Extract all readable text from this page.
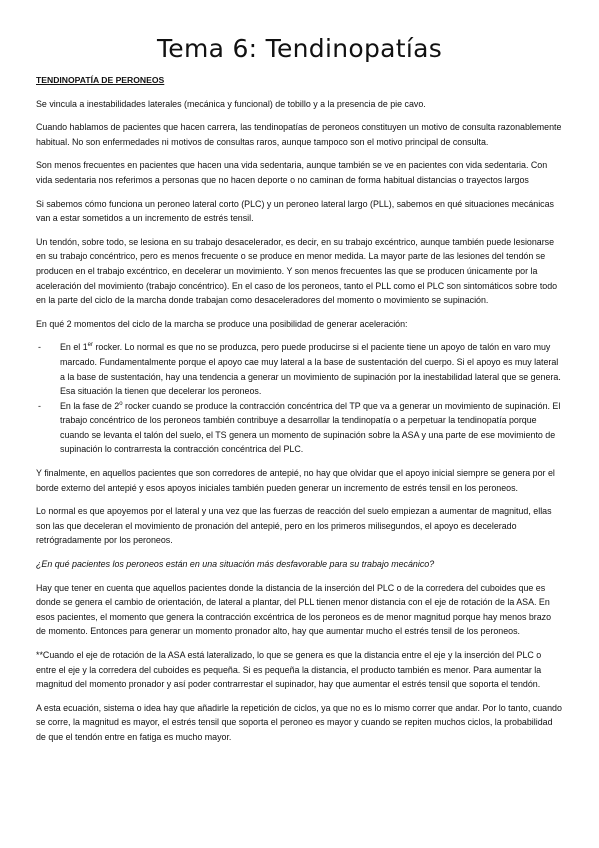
Tema 6: Tendinopatías
TENDINOPATÍA DE PERONEOS

Se vincula a inestabilidades laterales (mecánica y funcional) de tobillo y a la presencia de pie cavo.

Cuando hablamos de pacientes que hacen carrera, las tendinopatías de peroneos constituyen un motivo de consulta razonablemente habitual. No son enfermedades ni motivos de consultas raros, aunque tampoco son el motivo principal de consulta.

Son menos frecuentes en pacientes que hacen una vida sedentaria, aunque también se ve en pacientes con vida sedentaria. Con vida sedentaria nos referimos a personas que no hacen deporte o no caminan de forma habitual distancias o trayectos largos

Si sabemos cómo funciona un peroneo lateral corto (PLC) y un peroneo lateral largo (PLL), sabemos en qué situaciones mecánicas van a estar sometidos a un incremento de estrés tensil.

Un tendón, sobre todo, se lesiona en su trabajo desacelerador, es decir, en su trabajo excéntrico, aunque también puede lesionarse en su trabajo concéntrico, pero es menos frecuente o se produce en menor medida. La mayor parte de las lesiones del tendón se producen en el trabajo excéntrico, en decelerar un movimiento. Y son menos frecuentes las que se producen únicamente por la aceleración del movimiento (trabajo concéntrico). En el caso de los peroneos, tanto el PLL como el PLC son sintomáticos sobre todo en la parte del ciclo de la marcha donde trabajan como desaceleradores del momento o movimiento se supinación.

En qué 2 momentos del ciclo de la marcha se produce una posibilidad de generar aceleración:

- En el 1er rocker. Lo normal es que no se produzca, pero puede producirse si el paciente tiene un apoyo de talón en varo muy marcado. Fundamentalmente porque el apoyo cae muy lateral a la base de sustentación del cuerpo. Si el apoyo es muy lateral a la base de sustentación, hay una tendencia a generar un movimiento de supinación por la inestabilidad lateral que se genera. Esa situación la tienen que decelerar los peroneos.
- En la fase de 2$^o$ rocker cuando se produce la contracción concéntrica del TP que va a generar un movimiento de supinación. El trabajo concéntrico de los peroneos también contribuye a desarrollar la tendinopatía o a perpetuar la tendinopatía porque cuando se levanta el talón del suelo, el TS genera un momento de supinación sobre la ASA y una parte de ese movimiento de supinación lo contrarresta la contracción concéntrica del PLC.

Y finalmente, en aquellos pacientes que son corredores de antepié, no hay que olvidar que el apoyo inicial siempre se genera por el borde externo del antepié y esos apoyos iniciales también pueden generar un incremento de estrés tensil en los peroneos.

Lo normal es que apoyemos por el lateral y una vez que las fuerzas de reacción del suelo empiezan a aumentar de magnitud, ellas son las que deceleran el movimiento de pronación del antepié, pero en los primeros milisegundos, el apoyo es decelerado retrógradamente por los peroneos.

¿En qué pacientes los peroneos están en una situación más desfavorable para su trabajo mecánico?

Hay que tener en cuenta que aquellos pacientes donde la distancia de la inserción del PLC o de la corredera del cuboides que es donde se genera el cambio de orientación, de lateral a plantar, del PLL tienen menor distancia con el eje de rotación de la ASA. En esos pacientes, el momento que genera la contracción excéntrica de los peroneos es de menor magnitud porque hay menos brazo de momento. Entonces para generar un momento pronador alto, hay que aumentar mucho el estrés tensil de los peroneos.

**Cuando el eje de rotación de la ASA está lateralizado, lo que se genera es que la distancia entre el eje y la inserción del PLC o entre el eje y la corredera del cuboides es pequeña. Si es pequeña la distancia, el producto también es menor. Para aumentar la magnitud del momento pronador y así poder contrarrestar el supinador, hay que aumentar el estrés tensil que soporta el tendón.

A esta ecuación, sistema o idea hay que añadirle la repetición de ciclos, ya que no es lo mismo correr que andar. Por lo tanto, cuando se corre, la magnitud es mayor, el estrés tensil que soporta el peroneo es mayor y cuando se repiten muchos ciclos, la probabilidad de que el tendón entre en fatiga es mucho mayor.
